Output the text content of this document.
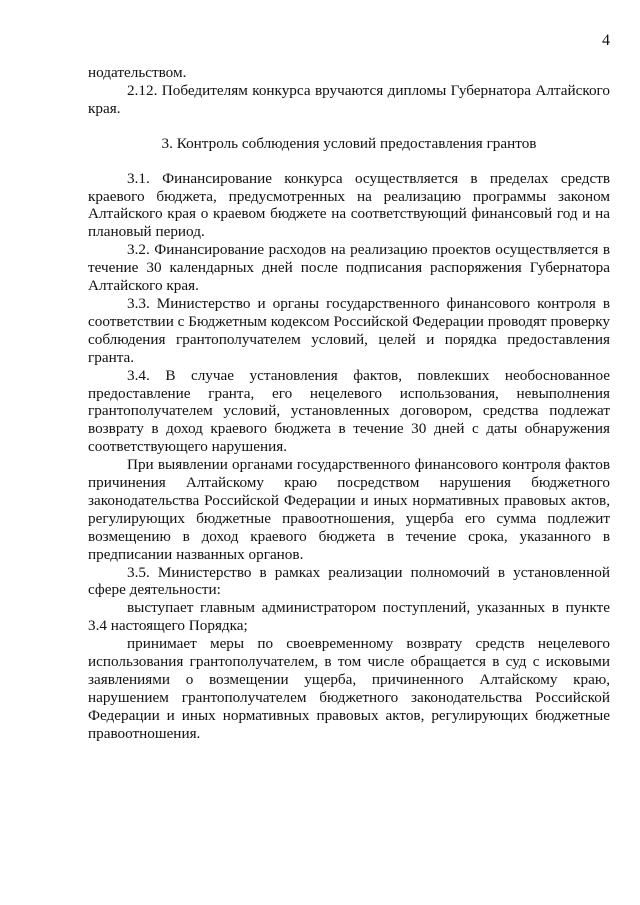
4

нодательством.

2.12. Победителям конкурса вручаются дипломы Губернатора Алтайского края.

3. Контроль соблюдения условий предоставления грантов

3.1. Финансирование конкурса осуществляется в пределах средств краевого бюджета, предусмотренных на реализацию программы законом Алтайского края о краевом бюджете на соответствующий финансовый год и на плановый период.

3.2. Финансирование расходов на реализацию проектов осуществляется в течение 30 календарных дней после подписания распоряжения Губернатора Алтайского края.

3.3. Министерство и органы государственного финансового контроля в соответствии с Бюджетным кодексом Российской Федерации проводят проверку соблюдения грантополучателем условий, целей и порядка предоставления гранта.

3.4. В случае установления фактов, повлекших необоснованное предоставление гранта, его нецелевого использования, невыполнения грантополучателем условий, установленных договором, средства подлежат возврату в доход краевого бюджета в течение 30 дней с даты обнаружения соответствующего нарушения.

При выявлении органами государственного финансового контроля фактов причинения Алтайскому краю посредством нарушения бюджетного законодательства Российской Федерации и иных нормативных правовых актов, регулирующих бюджетные правоотношения, ущерба его сумма подлежит возмещению в доход краевого бюджета в течение срока, указанного в предписании названных органов.

3.5. Министерство в рамках реализации полномочий в установленной сфере деятельности:

выступает главным администратором поступлений, указанных в пункте 3.4 настоящего Порядка;

принимает меры по своевременному возврату средств нецелевого использования грантополучателем, в том числе обращается в суд с исковыми заявлениями о возмещении ущерба, причиненного Алтайскому краю, нарушением грантополучателем бюджетного законодательства Российской Федерации и иных нормативных правовых актов, регулирующих бюджетные правоотношения.
